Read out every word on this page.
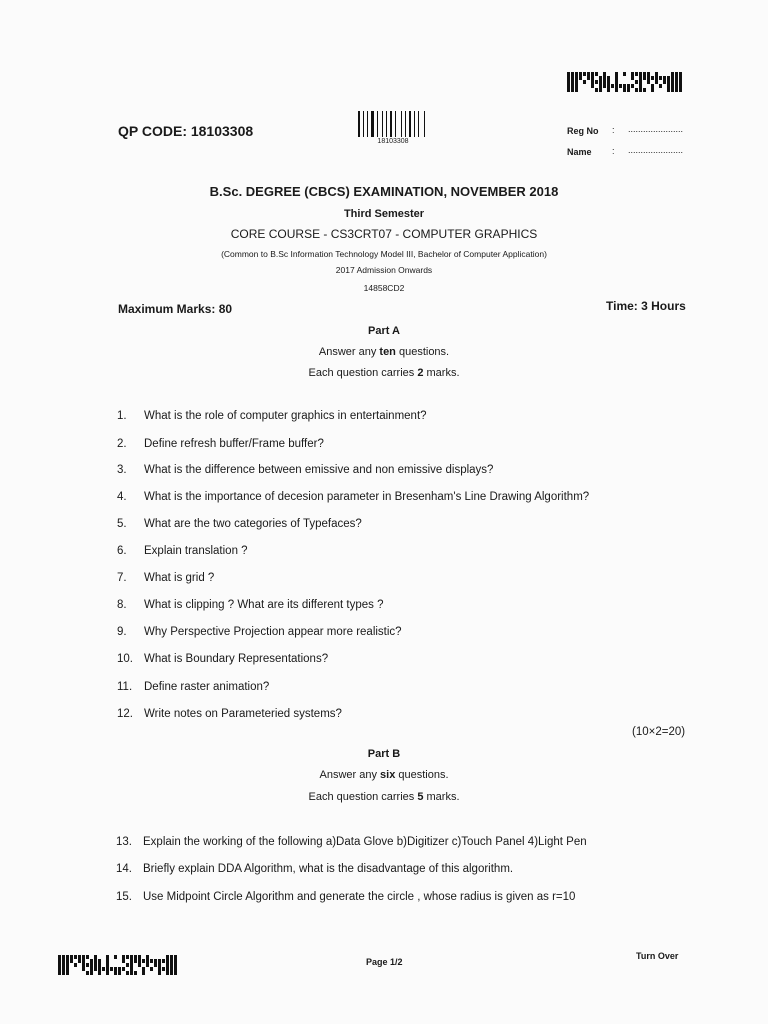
QP CODE: 18103308
18103308
Reg No : ......................
Name : ......................
B.Sc. DEGREE (CBCS) EXAMINATION, NOVEMBER 2018
Third Semester
CORE COURSE - CS3CRT07 - COMPUTER GRAPHICS
(Common to B.Sc Information Technology Model III, Bachelor of Computer Application)
2017 Admission Onwards
14858CD2
Maximum Marks: 80	Time: 3 Hours
Part A
Answer any ten questions.
Each question carries 2 marks.
1. What is the role of computer graphics in entertainment?
2. Define refresh buffer/Frame buffer?
3. What is the difference between emissive and non emissive displays?
4. What is the importance of decesion parameter in Bresenham's Line Drawing Algorithm?
5. What are the two categories of Typefaces?
6. Explain translation ?
7. What is grid ?
8. What is clipping ? What are its different types ?
9. Why Perspective Projection appear more realistic?
10. What is Boundary Representations?
11. Define raster animation?
12. Write notes on Parameteried systems?
(10×2=20)
Part B
Answer any six questions.
Each question carries 5 marks.
13. Explain the working of the following a)Data Glove b)Digitizer c)Touch Panel 4)Light Pen
14. Briefly explain DDA Algorithm, what is the disadvantage of this algorithm.
15. Use Midpoint Circle Algorithm and generate the circle , whose radius is given as r=10
Page 1/2
Turn Over
